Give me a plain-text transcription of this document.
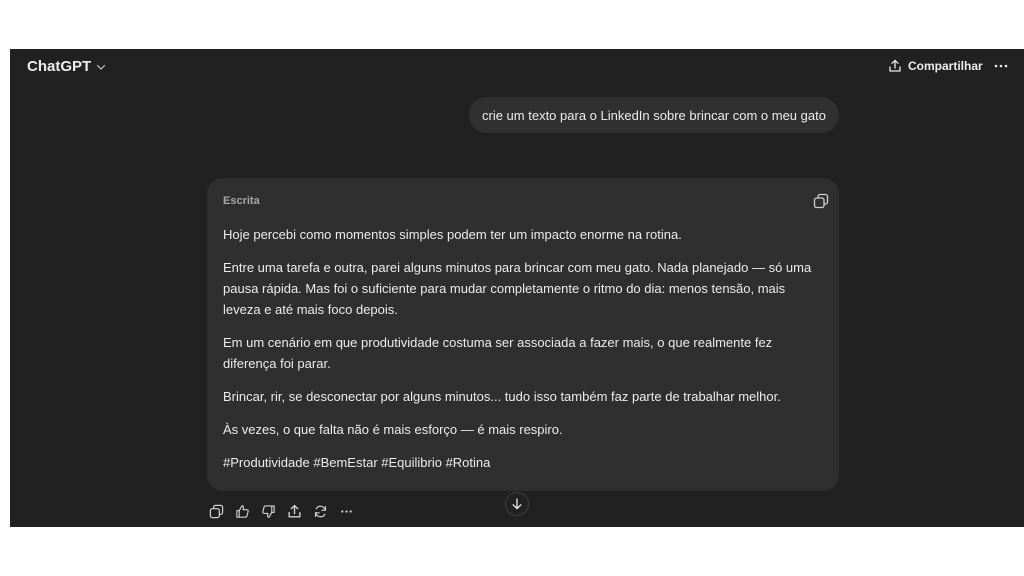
ChatGPT	Compartilhar
crie um texto para o LinkedIn sobre brincar com o meu gato
Escrita

Hoje percebi como momentos simples podem ter um impacto enorme na rotina.

Entre uma tarefa e outra, parei alguns minutos para brincar com meu gato. Nada planejado — só uma pausa rápida. Mas foi o suficiente para mudar completamente o ritmo do dia: menos tensão, mais leveza e até mais foco depois.

Em um cenário em que produtividade costuma ser associada a fazer mais, o que realmente fez diferença foi parar.

Brincar, rir, se desconectar por alguns minutos... tudo isso também faz parte de trabalhar melhor.

Às vezes, o que falta não é mais esforço — é mais respiro.

#Produtividade #BemEstar #Equilibrio #Rotina
